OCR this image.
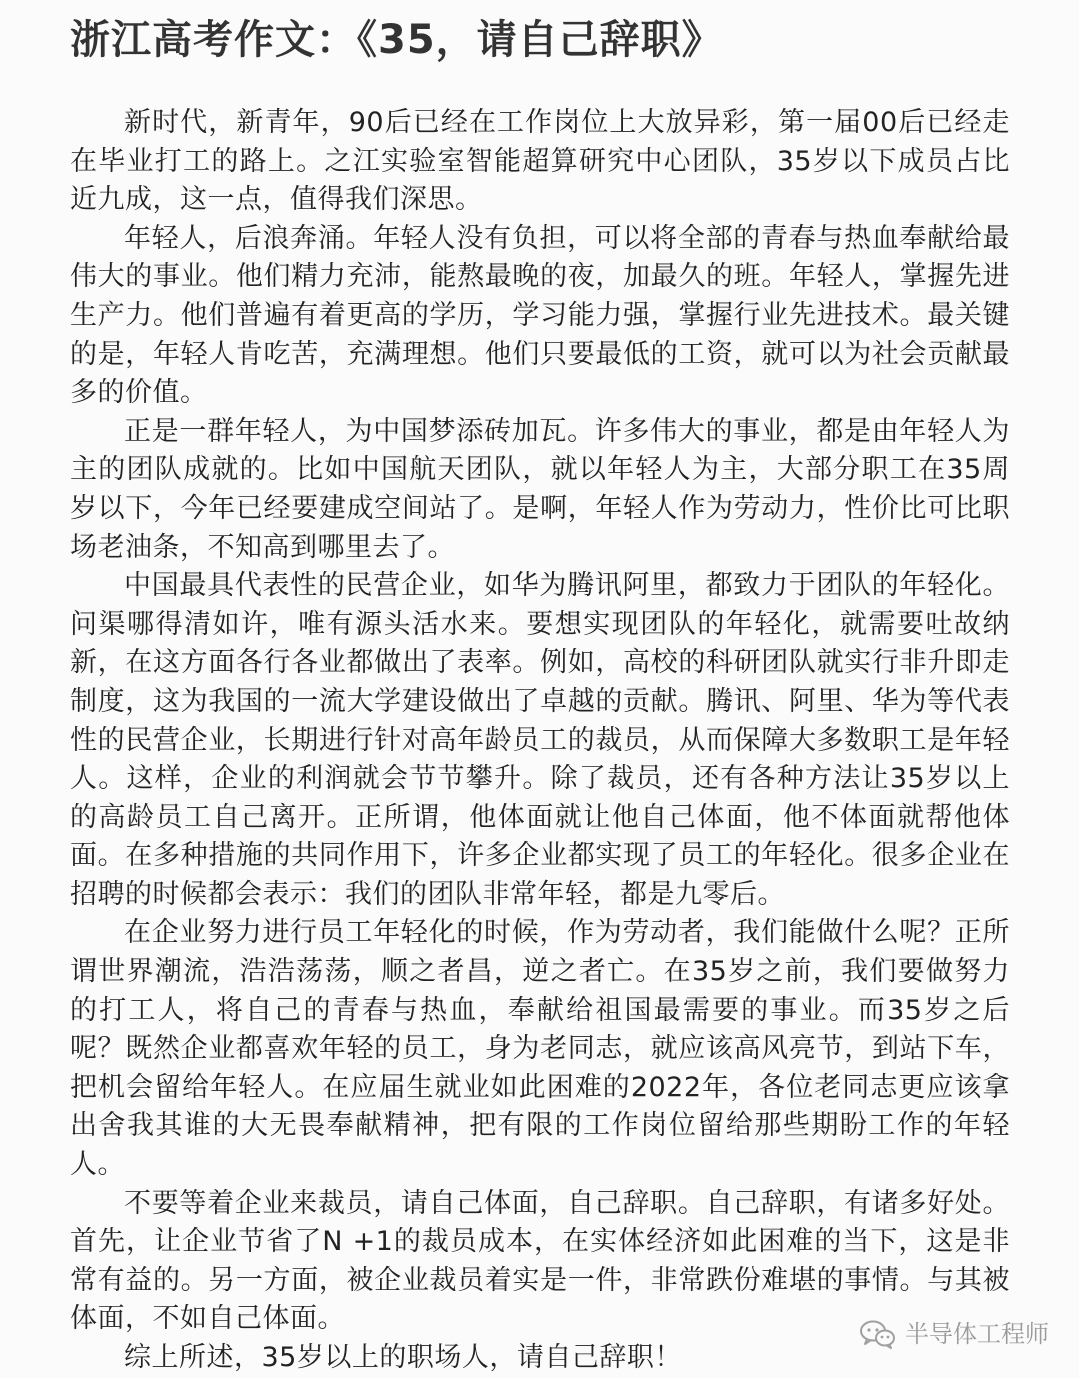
浙江高考作文：《35，请自己辞职》

新时代，新青年，90后已经在工作岗位上大放异彩，第一届00后已经走在毕业打工的路上。之江实验室智能超算研究中心团队，35岁以下成员占比近九成，这一点，值得我们深思。

年轻人，后浪奔涌。年轻人没有负担，可以将全部的青春与热血奉献给最伟大的事业。他们精力充沛，能熬最晚的夜，加最久的班。年轻人，掌握先进生产力。他们普遍有着更高的学历，学习能力强，掌握行业先进技术。最关键的是，年轻人肯吃苦，充满理想。他们只要最低的工资，就可以为社会贡献最多的价值。

正是一群年轻人，为中国梦添砖加瓦。许多伟大的事业，都是由年轻人为主的团队成就的。比如中国航天团队，就以年轻人为主，大部分职工在35周岁以下，今年已经要建成空间站了。是啊，年轻人作为劳动力，性价比可比职场老油条，不知高到哪里去了。

中国最具代表性的民营企业，如华为腾讯阿里，都致力于团队的年轻化。问渠哪得清如许，唯有源头活水来。要想实现团队的年轻化，就需要吐故纳新，在这方面各行各业都做出了表率。例如，高校的科研团队就实行非升即走制度，这为我国的一流大学建设做出了卓越的贡献。腾讯、阿里、华为等代表性的民营企业，长期进行针对高年龄员工的裁员，从而保障大多数职工是年轻人。这样，企业的利润就会节节攀升。除了裁员，还有各种方法让35岁以上的高龄员工自己离开。正所谓，他体面就让他自己体面，他不体面就帮他体面。在多种措施的共同作用下，许多企业都实现了员工的年轻化。很多企业在招聘的时候都会表示：我们的团队非常年轻，都是九零后。

在企业努力进行员工年轻化的时候，作为劳动者，我们能做什么呢？正所谓世界潮流，浩浩荡荡，顺之者昌，逆之者亡。在35岁之前，我们要做努力的打工人，将自己的青春与热血，奉献给祖国最需要的事业。而35岁之后呢？既然企业都喜欢年轻的员工，身为老同志，就应该高风亮节，到站下车，把机会留给年轻人。在应届生就业如此困难的2022年，各位老同志更应该拿出舍我其谁的大无畏奉献精神，把有限的工作岗位留给那些期盼工作的年轻人。

不要等着企业来裁员，请自己体面，自己辞职。自己辞职，有诸多好处。首先，让企业节省了N +1的裁员成本，在实体经济如此困难的当下，这是非常有益的。另一方面，被企业裁员着实是一件，非常跌份难堪的事情。与其被体面，不如自己体面。

综上所述，35岁以上的职场人，请自己辞职！

半导体工程师
